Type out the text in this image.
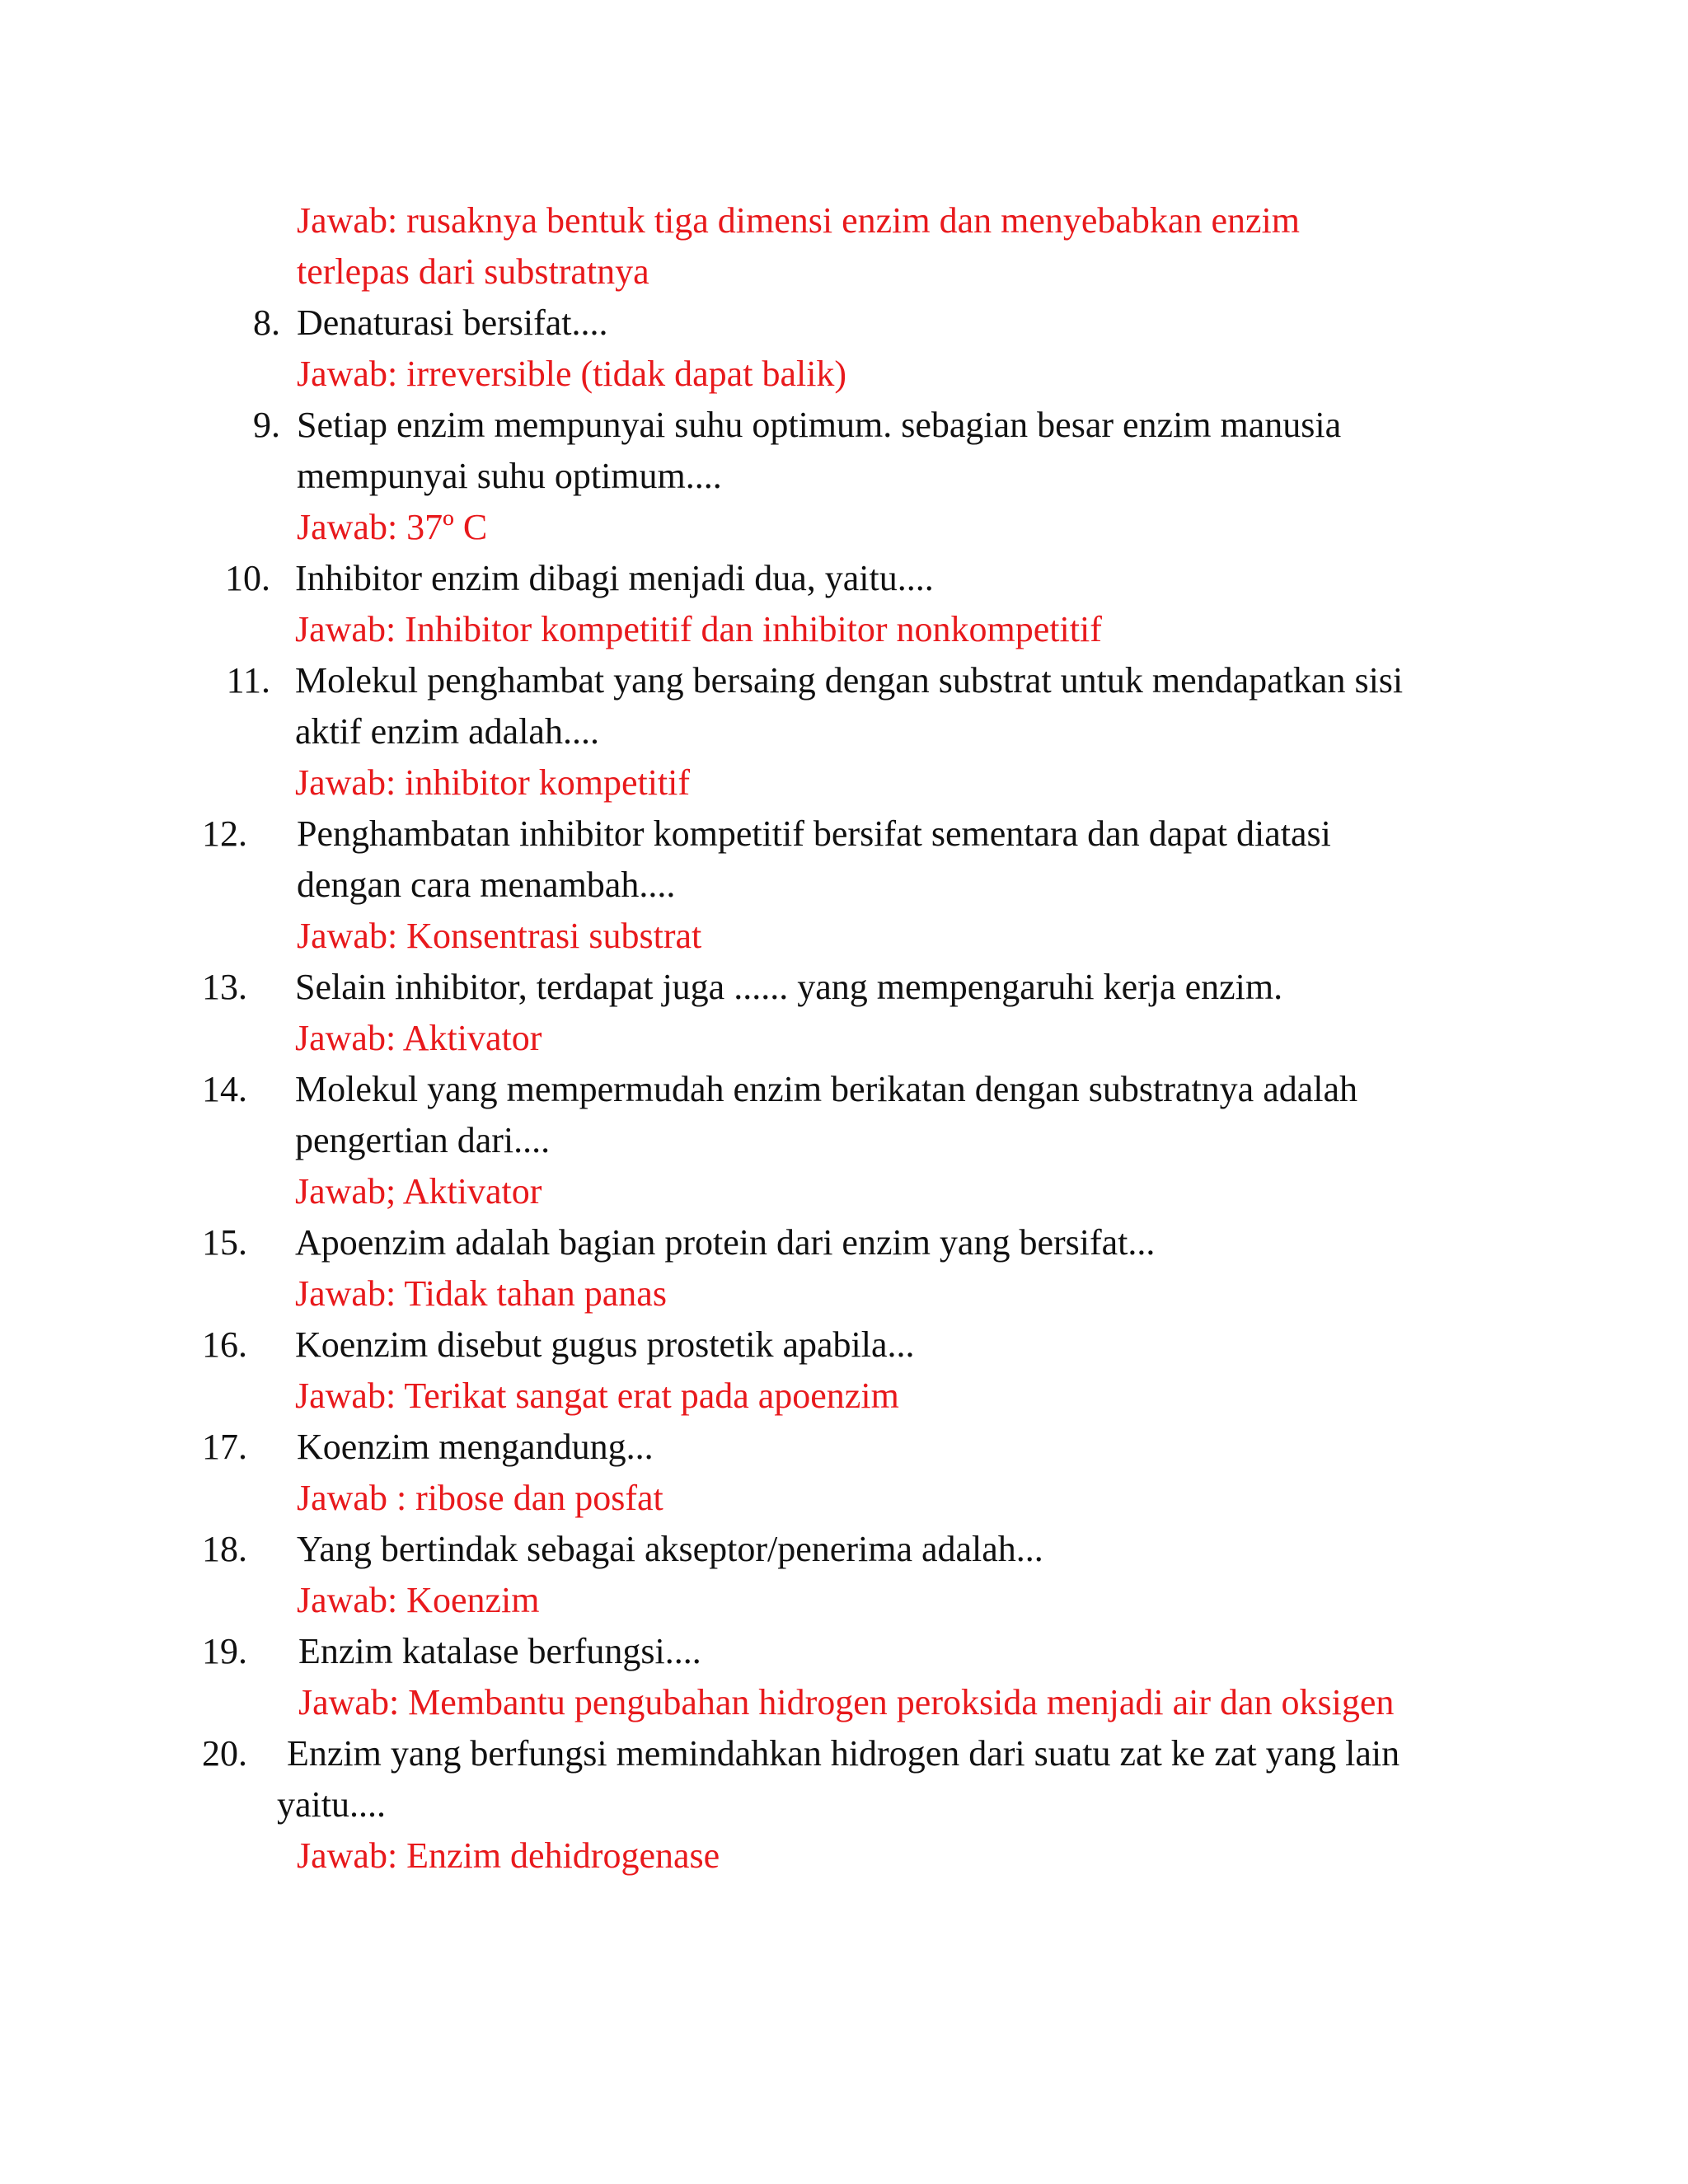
Jawab: rusaknya bentuk tiga dimensi enzim dan menyebabkan enzim
terlepas dari substratnya
8. Denaturasi bersifat....
Jawab: irreversible (tidak dapat balik)
9. Setiap enzim mempunyai suhu optimum. sebagian besar enzim manusia
mempunyai suhu optimum....
Jawab: 37º C
10. Inhibitor enzim dibagi menjadi dua, yaitu....
Jawab: Inhibitor kompetitif dan inhibitor nonkompetitif
11. Molekul penghambat yang bersaing dengan substrat untuk mendapatkan sisi
aktif enzim adalah....
Jawab: inhibitor kompetitif
12. Penghambatan inhibitor kompetitif bersifat sementara dan dapat diatasi
dengan cara menambah....
Jawab: Konsentrasi substrat
13. Selain inhibitor, terdapat juga ...... yang mempengaruhi kerja enzim.
Jawab: Aktivator
14. Molekul yang mempermudah enzim berikatan dengan substratnya adalah
pengertian dari....
Jawab; Aktivator
15. Apoenzim adalah bagian protein dari enzim yang bersifat...
Jawab: Tidak tahan panas
16. Koenzim disebut gugus prostetik apabila...
Jawab: Terikat sangat erat pada apoenzim
17. Koenzim mengandung...
Jawab : ribose dan posfat
18. Yang bertindak sebagai akseptor/penerima adalah...
Jawab: Koenzim
19. Enzim katalase berfungsi....
Jawab: Membantu pengubahan hidrogen peroksida menjadi air dan oksigen
20. Enzim yang berfungsi memindahkan hidrogen dari suatu zat ke zat yang lain
yaitu....
Jawab: Enzim dehidrogenase
